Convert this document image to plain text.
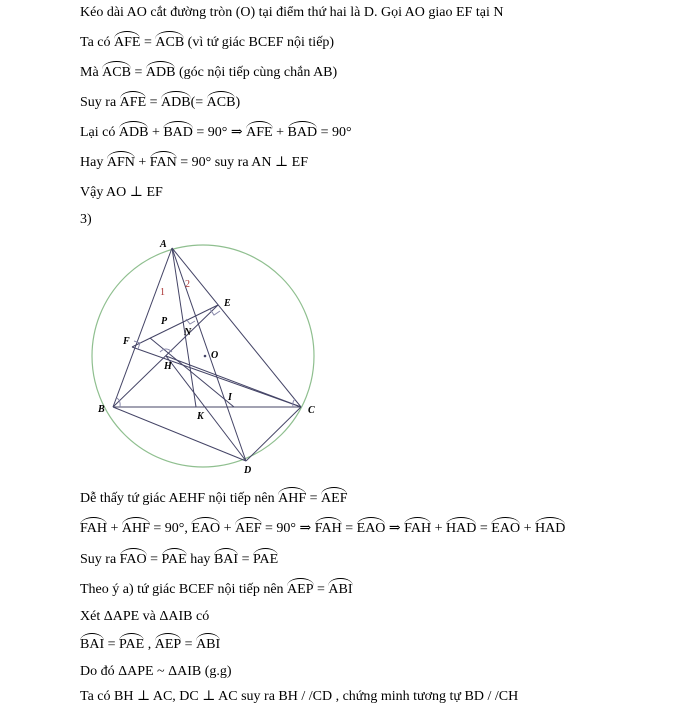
Kéo dài AO cắt đường tròn (O) tại điểm thứ hai là D. Gọi AO giao EF tại N
Ta có AFE = ACB (vì tứ giác BCEF nội tiếp)
Mà ACB = ADB (góc nội tiếp cùng chắn AB)
Suy ra AFE = ADB(= ACB)
Lại có ADB + BAD = 90° ⇒ AFE + BAD = 90°
Hay AFN + FAN = 90° suy ra AN ⊥ EF
Vậy AO ⊥ EF
3)
A
B	C
D
E
F
H
K
I
N
P
O
1
2
Dễ thấy tứ giác AEHF nội tiếp nên AHF = AEF
FAH + AHF = 90°, EAO + AEF = 90° ⇒ FAH = EAO ⇒ FAH + HAD = EAO + HAD
Suy ra FAO = PAE hay BAI = PAE
Theo ý a) tứ giác BCEF nội tiếp nên AEP = ABI
Xét ΔAPE và ΔAIB có
BAI = PAE , AEP = ABI
Do đó ΔAPE ~ ΔAIB (g.g)
Ta có BH ⊥ AC, DC ⊥ AC suy ra BH / /CD , chứng minh tương tự BD / /CH
